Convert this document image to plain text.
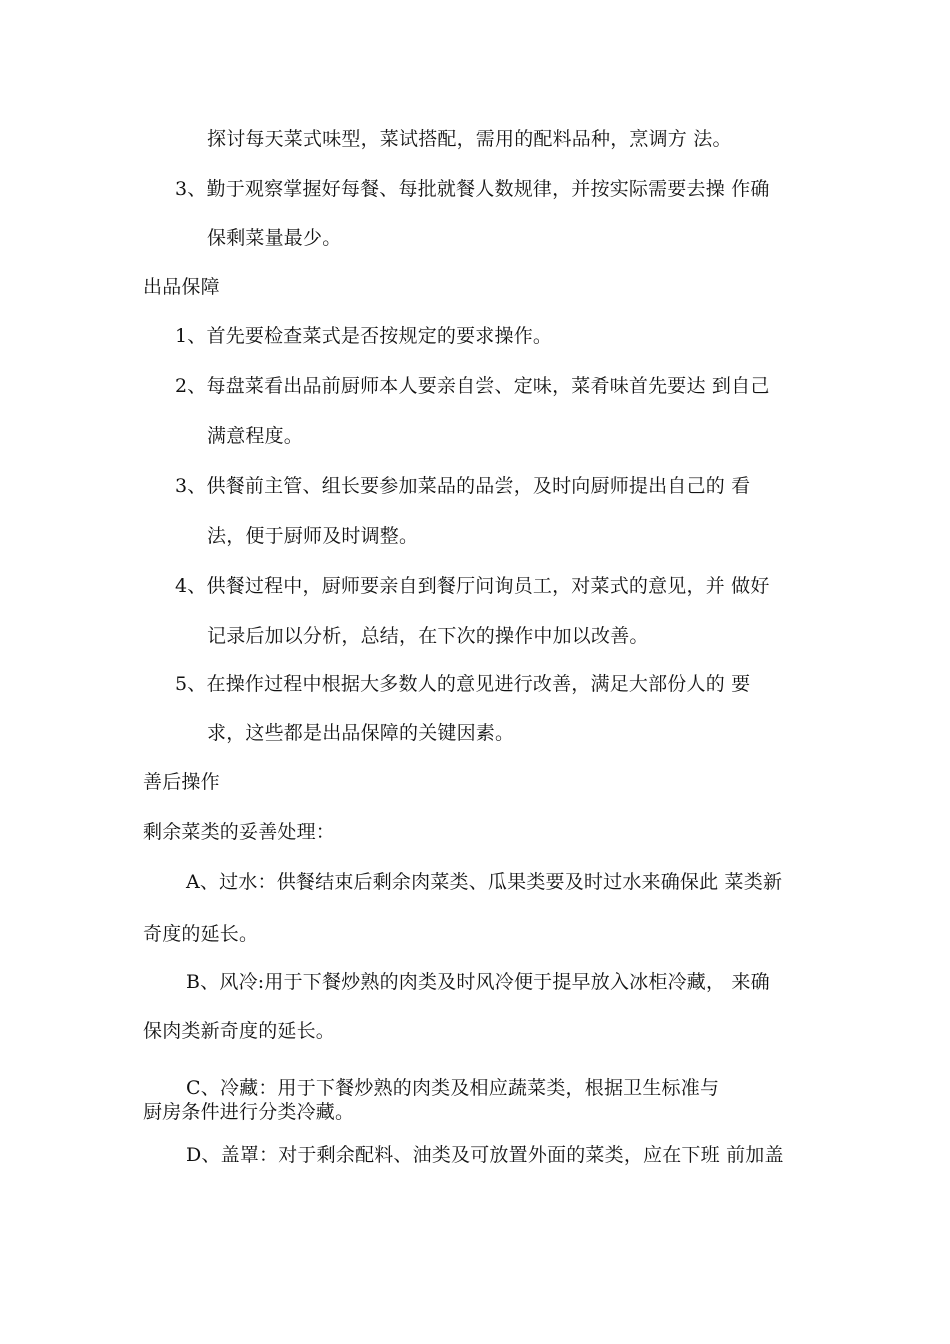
探讨每天菜式味型，菜试搭配，需用的配料品种，烹调方 法。
3、勤于观察掌握好每餐、每批就餐人数规律，并按实际需要去操 作确
保剩菜量最少。
出品保障
1、首先要检查菜式是否按规定的要求操作。
2、每盘菜看出品前厨师本人要亲自尝、定味，菜肴味首先要达 到自己
满意程度。
3、供餐前主管、组长要参加菜品的品尝，及时向厨师提出自己的 看
法，便于厨师及时调整。
4、供餐过程中，厨师要亲自到餐厅问询员工，对菜式的意见，并 做好
记录后加以分析，总结，在下次的操作中加以改善。
5、在操作过程中根据大多数人的意见进行改善，满足大部份人的 要
求，这些都是出品保障的关键因素。
善后操作
剩余菜类的妥善处理：
A、过水：供餐结束后剩余肉菜类、瓜果类要及时过水来确保此 菜类新
奇度的延长。
B、风冷:用于下餐炒熟的肉类及时风冷便于提早放入冰柜冷藏， 来确
保肉类新奇度的延长。
C、冷藏：用于下餐炒熟的肉类及相应蔬菜类，根据卫生标准与
厨房条件进行分类冷藏。
D、盖罩：对于剩余配料、油类及可放置外面的菜类，应在下班 前加盖
